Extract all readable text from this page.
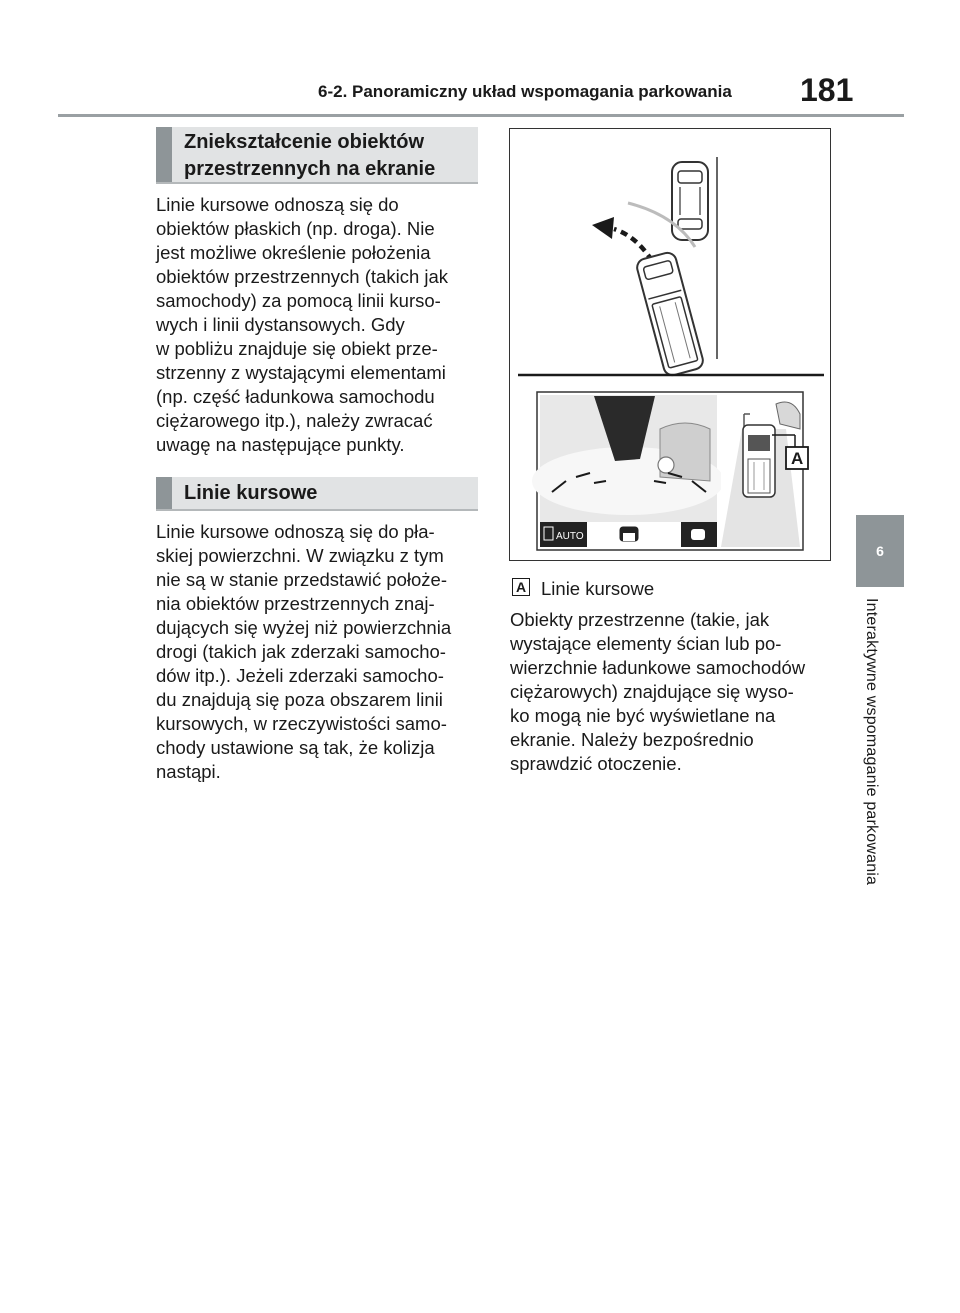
6-2. Panoramiczny układ wspomagania parkowania 181
6
Interaktywne wspomaganie parkowania
Zniekształcenie obiektów
przestrzennych na ekranie
Linie kursowe odnoszą się do
obiektów płaskich (np. droga). Nie
jest możliwe określenie położenia
obiektów przestrzennych (takich jak
samochody) za pomocą linii kurso-
wych i linii dystansowych. Gdy
w pobliżu znajduje się obiekt prze-
strzenny z wystającymi elementami
(np. część ładunkowa samochodu
ciężarowego itp.), należy zwracać
uwagę na następujące punkty.
Linie kursowe
Linie kursowe odnoszą się do pła-
skiej powierzchni. W związku z tym
nie są w stanie przedstawić położe-
nia obiektów przestrzennych znaj-
dujących się wyżej niż powierzchnia
drogi (takich jak zderzaki samocho-
dów itp.). Jeżeli zderzaki samocho-
du znajdują się poza obszarem linii
kursowych, w rzeczywistości samo-
chody ustawione są tak, że kolizja
nastąpi.
AUTO
A
A Linie kursowe
Obiekty przestrzenne (takie, jak
wystające elementy ścian lub po-
wierzchnie ładunkowe samochodów
ciężarowych) znajdujące się wyso-
ko mogą nie być wyświetlane na
ekranie. Należy bezpośrednio
sprawdzić otoczenie.
